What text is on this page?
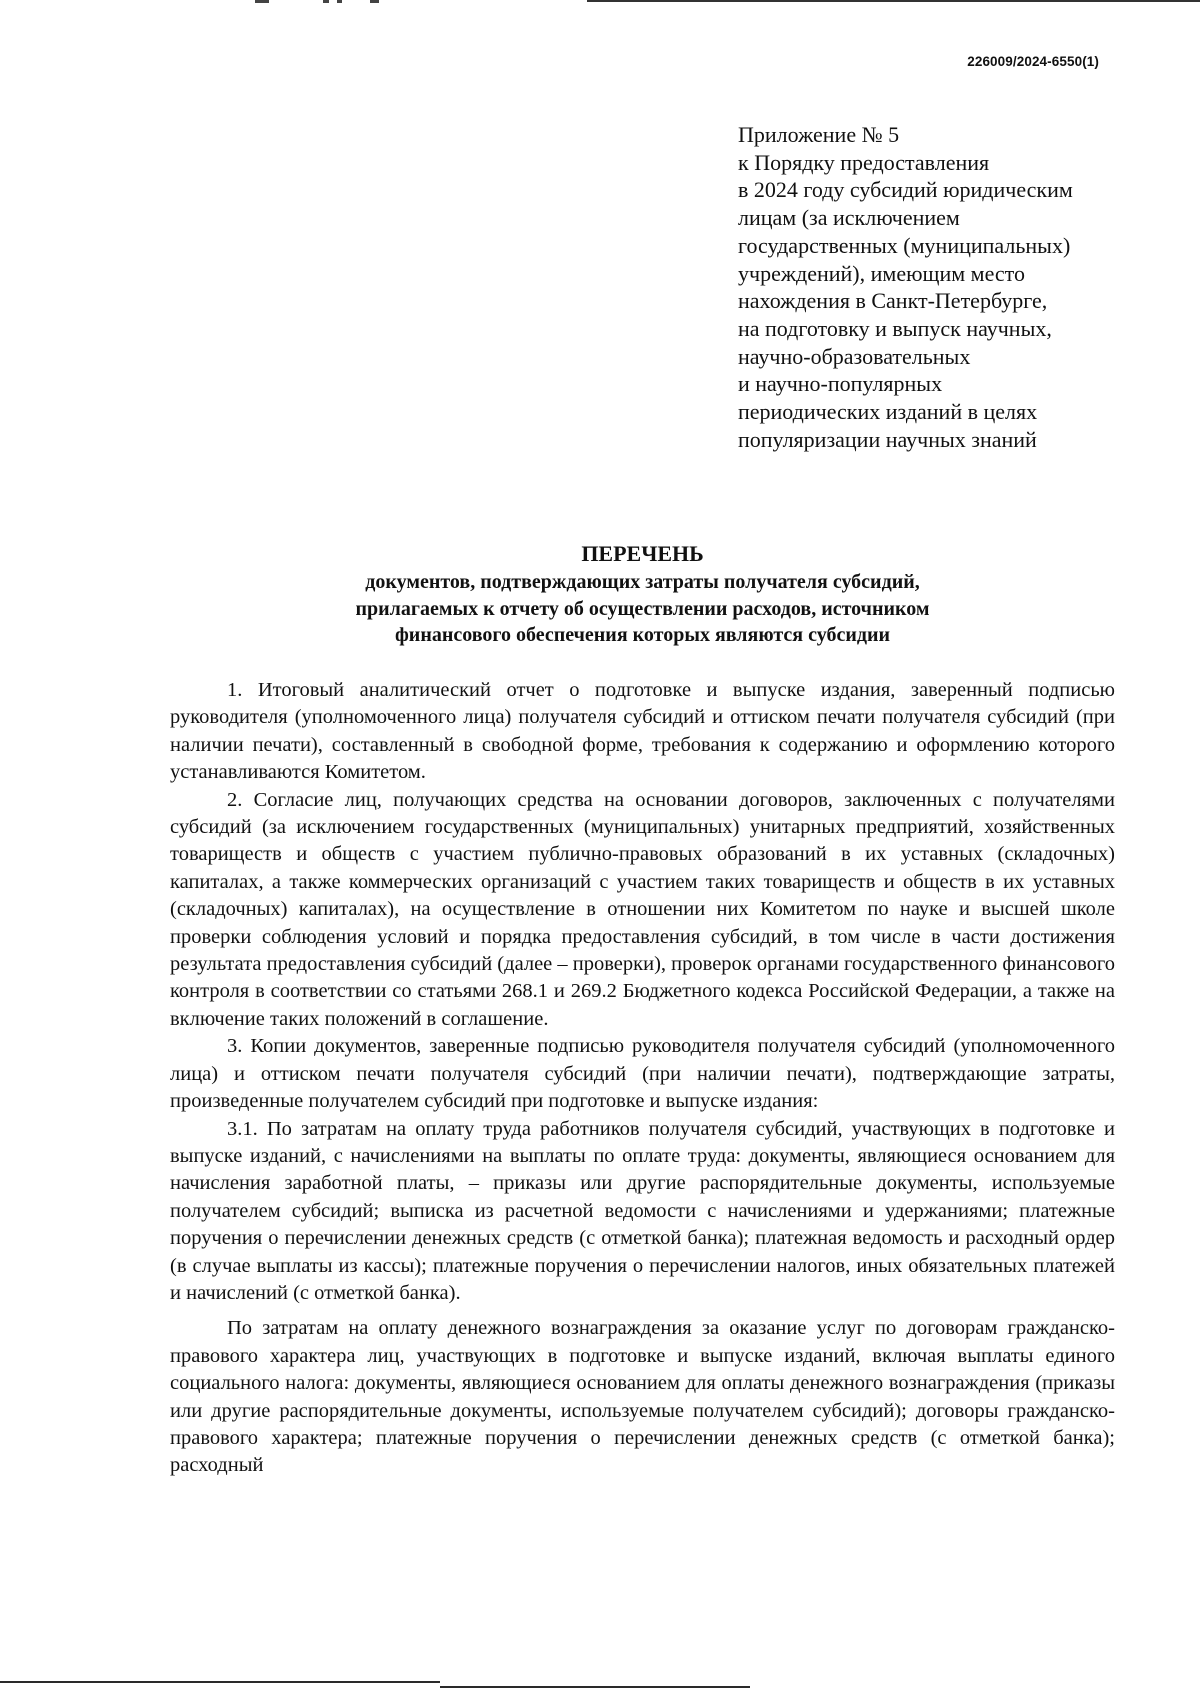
226009/2024-6550(1)
Приложение № 5
к Порядку предоставления
в 2024 году субсидий юридическим
лицам (за исключением
государственных (муниципальных)
учреждений), имеющим место
нахождения в Санкт-Петербурге,
на подготовку и выпуск научных,
научно-образовательных
и научно-популярных
периодических изданий в целях
популяризации научных знаний
ПЕРЕЧЕНЬ
документов, подтверждающих затраты получателя субсидий,
прилагаемых к отчету об осуществлении расходов, источником
финансового обеспечения которых являются субсидии

1. Итоговый аналитический отчет о подготовке и выпуске издания, заверенный подписью руководителя (уполномоченного лица) получателя субсидий и оттиском печати получателя субсидий (при наличии печати), составленный в свободной форме, требования к содержанию и оформлению которого устанавливаются Комитетом.

2. Согласие лиц, получающих средства на основании договоров, заключенных с получателями субсидий (за исключением государственных (муниципальных) унитарных предприятий, хозяйственных товариществ и обществ с участием публично-правовых образований в их уставных (складочных) капиталах, а также коммерческих организаций с участием таких товариществ и обществ в их уставных (складочных) капиталах), на осуществление в отношении них Комитетом по науке и высшей школе проверки соблюдения условий и порядка предоставления субсидий, в том числе в части достижения результата предоставления субсидий (далее – проверки), проверок органами государственного финансового контроля в соответствии со статьями 268.1 и 269.2 Бюджетного кодекса Российской Федерации, а также на включение таких положений в соглашение.

3. Копии документов, заверенные подписью руководителя получателя субсидий (уполномоченного лица) и оттиском печати получателя субсидий (при наличии печати), подтверждающие затраты, произведенные получателем субсидий при подготовке и выпуске издания:

3.1. По затратам на оплату труда работников получателя субсидий, участвующих в подготовке и выпуске изданий, с начислениями на выплаты по оплате труда: документы, являющиеся основанием для начисления заработной платы, – приказы или другие распорядительные документы, используемые получателем субсидий; выписка из расчетной ведомости с начислениями и удержаниями; платежные поручения о перечислении денежных средств (с отметкой банка); платежная ведомость и расходный ордер (в случае выплаты из кассы); платежные поручения о перечислении налогов, иных обязательных платежей и начислений (с отметкой банка).

По затратам на оплату денежного вознаграждения за оказание услуг по договорам гражданско-правового характера лиц, участвующих в подготовке и выпуске изданий, включая выплаты единого социального налога: документы, являющиеся основанием для оплаты денежного вознаграждения (приказы или другие распорядительные документы, используемые получателем субсидий); договоры гражданско-правового характера; платежные поручения о перечислении денежных средств (с отметкой банка); расходный
